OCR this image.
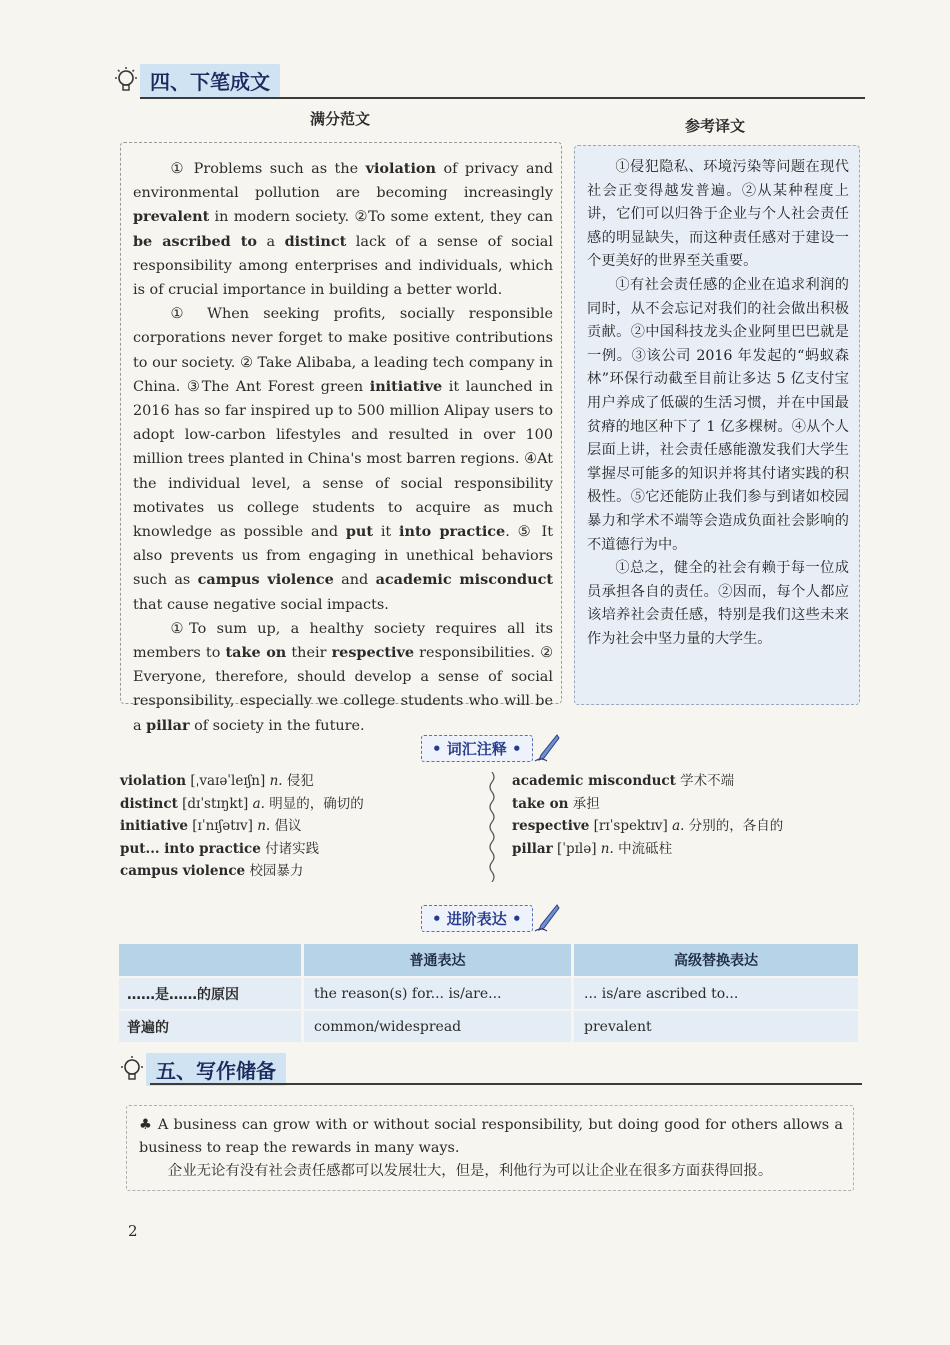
四、下笔成文
满分范文	参考译文

① Problems such as the violation of privacy and environmental pollution are becoming increasingly prevalent in modern society. ②To some extent, they can be ascribed to a distinct lack of a sense of social responsibility among enterprises and individuals, which is of crucial importance in building a better world.

① When seeking profits, socially responsible corporations never forget to make positive contributions to our society. ② Take Alibaba, a leading tech company in China. ③The Ant Forest green initiative it launched in 2016 has so far inspired up to 500 million Alipay users to adopt low-carbon lifestyles and resulted in over 100 million trees planted in China's most barren regions. ④At the individual level, a sense of social responsibility motivates us college students to acquire as much knowledge as possible and put it into practice. ⑤ It also prevents us from engaging in unethical behaviors such as campus violence and academic misconduct that cause negative social impacts.

①To sum up, a healthy society requires all its members to take on their respective responsibilities. ② Everyone, therefore, should develop a sense of social responsibility, especially we college students who will be a pillar of society in the future.

①侵犯隐私、环境污染等问题在现代社会正变得越发普遍。②从某种程度上讲，它们可以归咎于企业与个人社会责任感的明显缺失，而这种责任感对于建设一个更美好的世界至关重要。

①有社会责任感的企业在追求利润的同时，从不会忘记对我们的社会做出积极贡献。②中国科技龙头企业阿里巴巴就是一例。③该公司 2016 年发起的“蚂蚁森林”环保行动截至目前让多达 5 亿支付宝用户养成了低碳的生活习惯，并在中国最贫瘠的地区种下了 1 亿多棵树。④从个人层面上讲，社会责任感能激发我们大学生掌握尽可能多的知识并将其付诸实践的积极性。⑤它还能防止我们参与到诸如校园暴力和学术不端等会造成负面社会影响的不道德行为中。

①总之，健全的社会有赖于每一位成员承担各自的责任。②因而，每个人都应该培养社会责任感，特别是我们这些未来作为社会中坚力量的大学生。

• 词汇注释 •
violation [ˌvaɪəˈleɪʃn] n. 侵犯
distinct [dɪˈstɪŋkt] a. 明显的，确切的
initiative [ɪˈnɪʃətɪv] n. 倡议
put... into practice 付诸实践
campus violence 校园暴力
academic misconduct 学术不端
take on 承担
respective [rɪˈspektɪv] a. 分别的，各自的
pillar [ˈpɪlə] n. 中流砥柱
• 进阶表达 •
	普通表达	高级替换表达
……是……的原因	the reason(s) for... is/are...	... is/are ascribed to...
普遍的	common/widespread	prevalent
五、写作储备

♣ A business can grow with or without social responsibility, but doing good for others allows a business to reap the rewards in many ways.

企业无论有没有社会责任感都可以发展壮大，但是，利他行为可以让企业在很多方面获得回报。

2
